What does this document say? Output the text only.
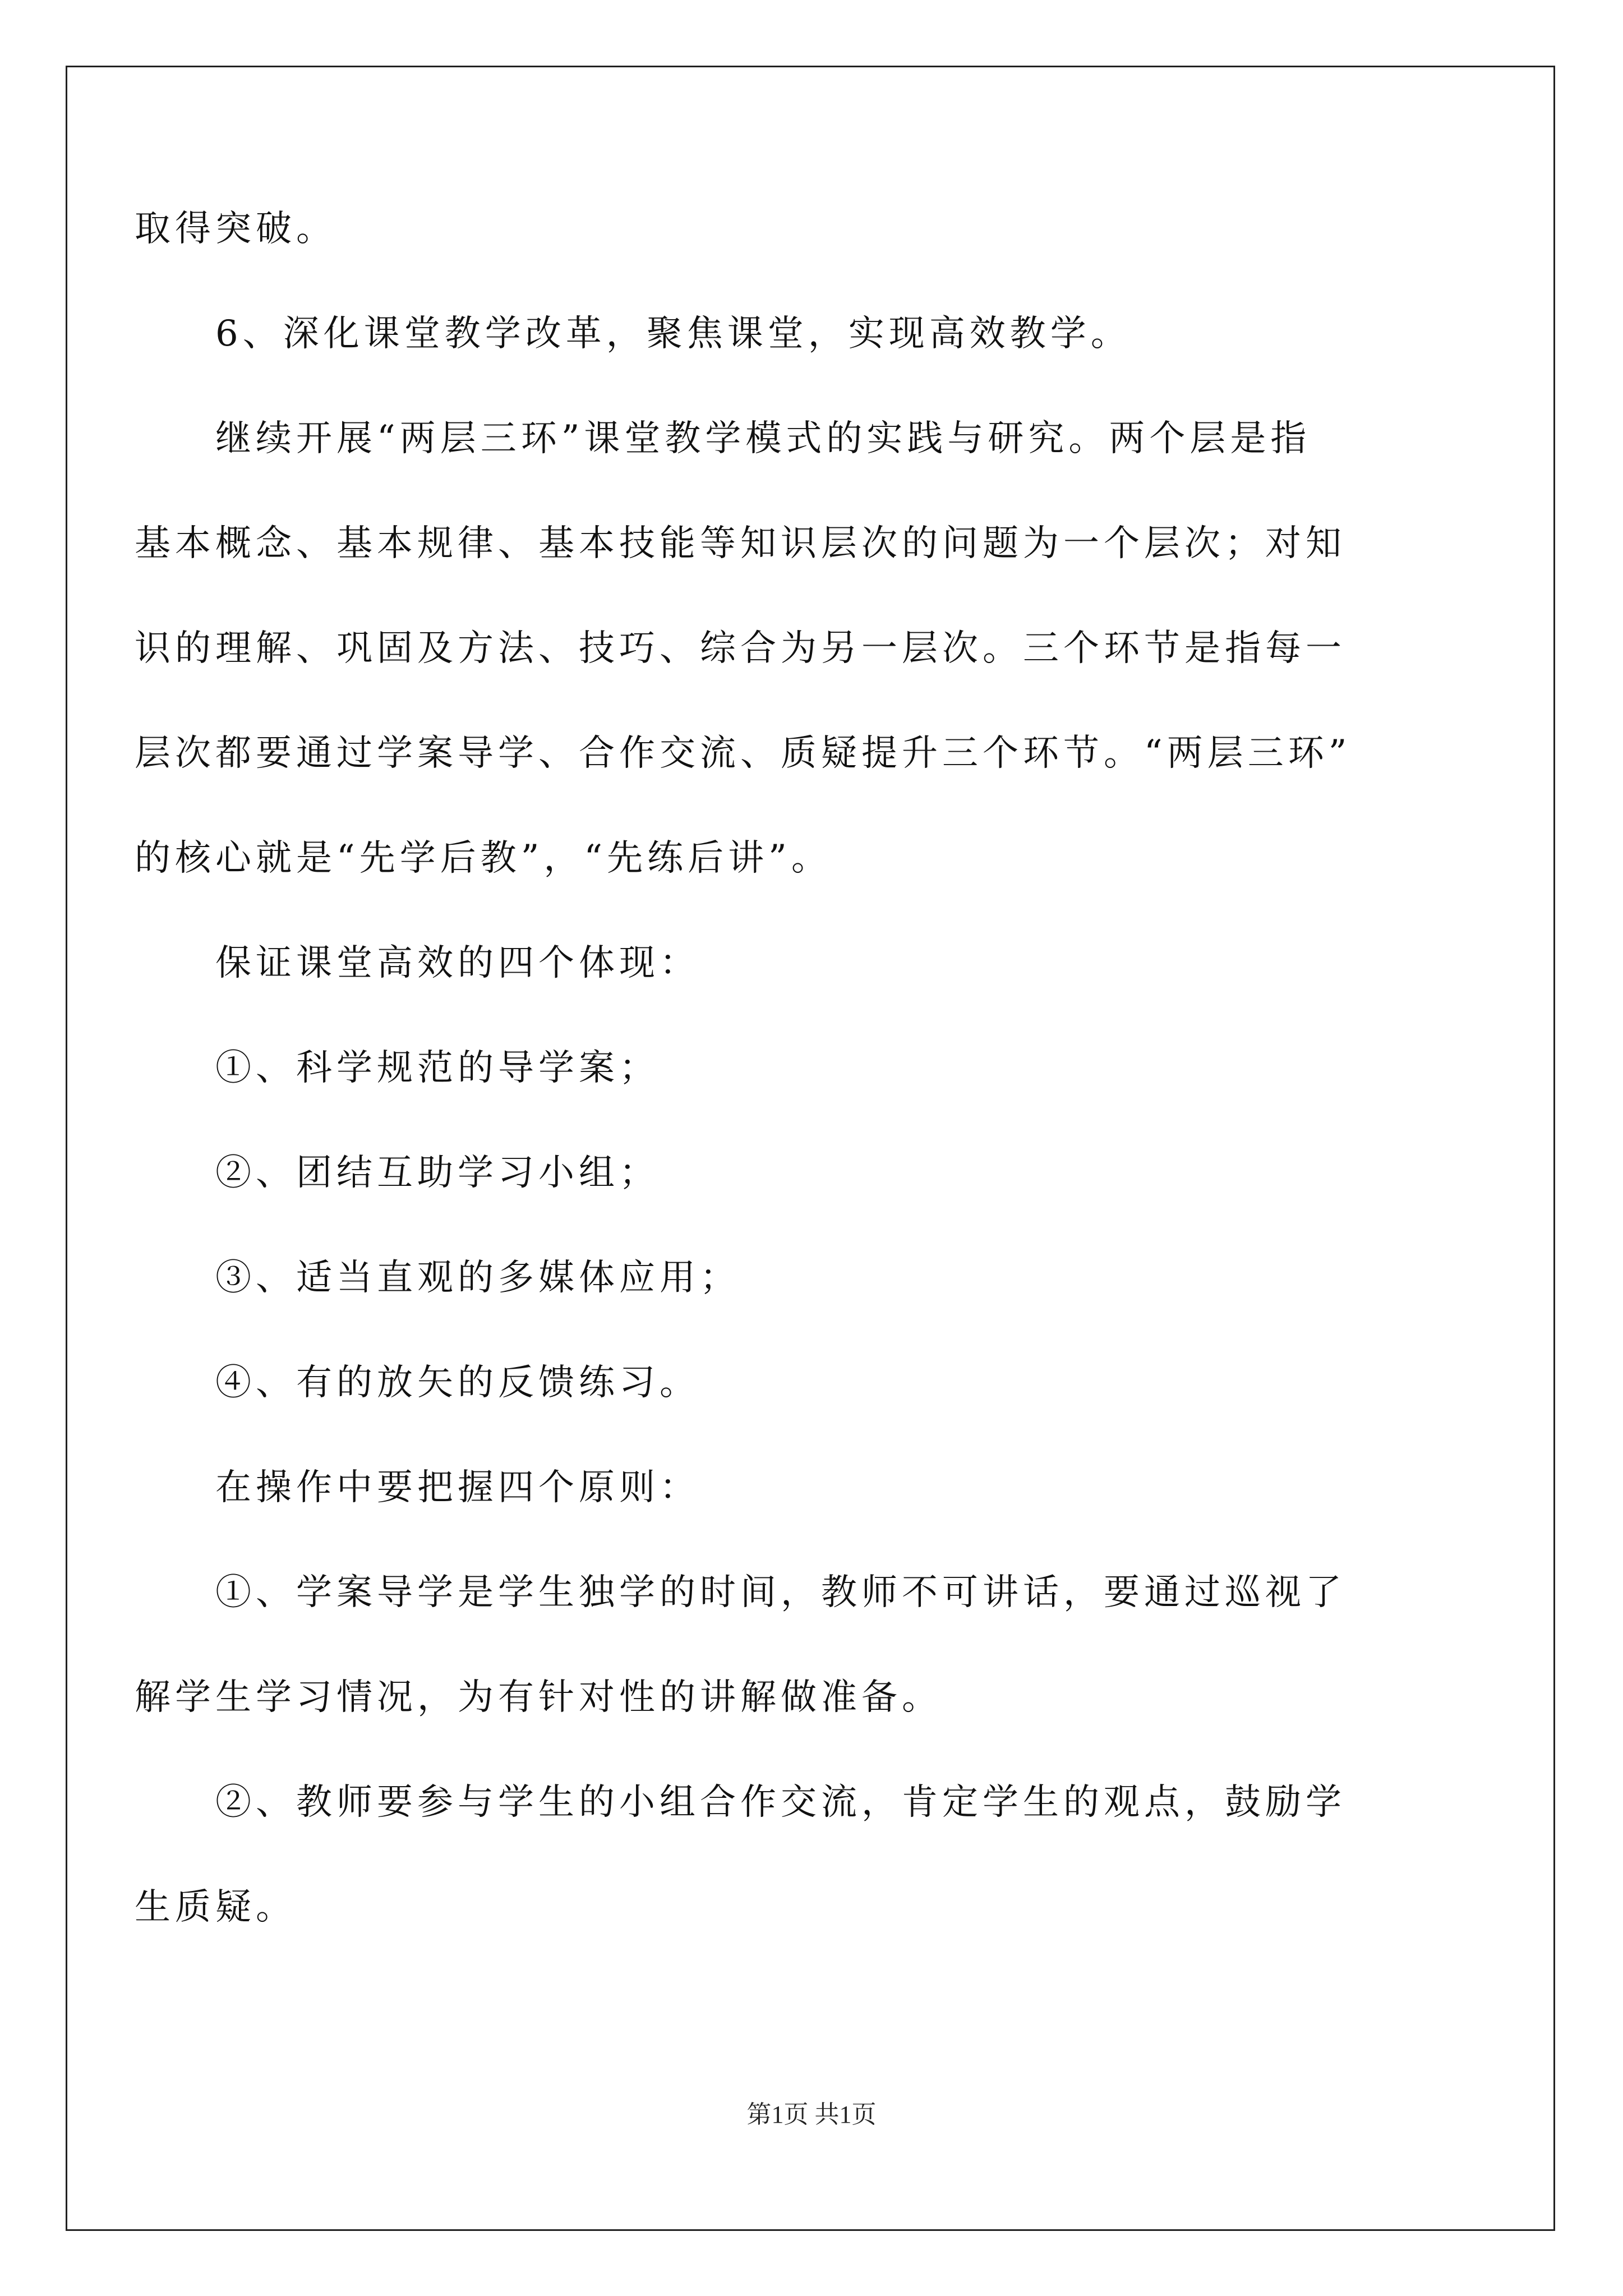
取得突破。
6、深化课堂教学改革，聚焦课堂，实现高效教学。
继续开展“两层三环”课堂教学模式的实践与研究。两个层是指
基本概念、基本规律、基本技能等知识层次的问题为一个层次；对知
识的理解、巩固及方法、技巧、综合为另一层次。三个环节是指每一
层次都要通过学案导学、合作交流、质疑提升三个环节。“两层三环”
的核心就是“先学后教”，“先练后讲”。
保证课堂高效的四个体现：
①、科学规范的导学案；
②、团结互助学习小组；
③、适当直观的多媒体应用；
④、有的放矢的反馈练习。
在操作中要把握四个原则：
①、学案导学是学生独学的时间，教师不可讲话，要通过巡视了
解学生学习情况，为有针对性的讲解做准备。
②、教师要参与学生的小组合作交流，肯定学生的观点，鼓励学
生质疑。
第1页 共1页
